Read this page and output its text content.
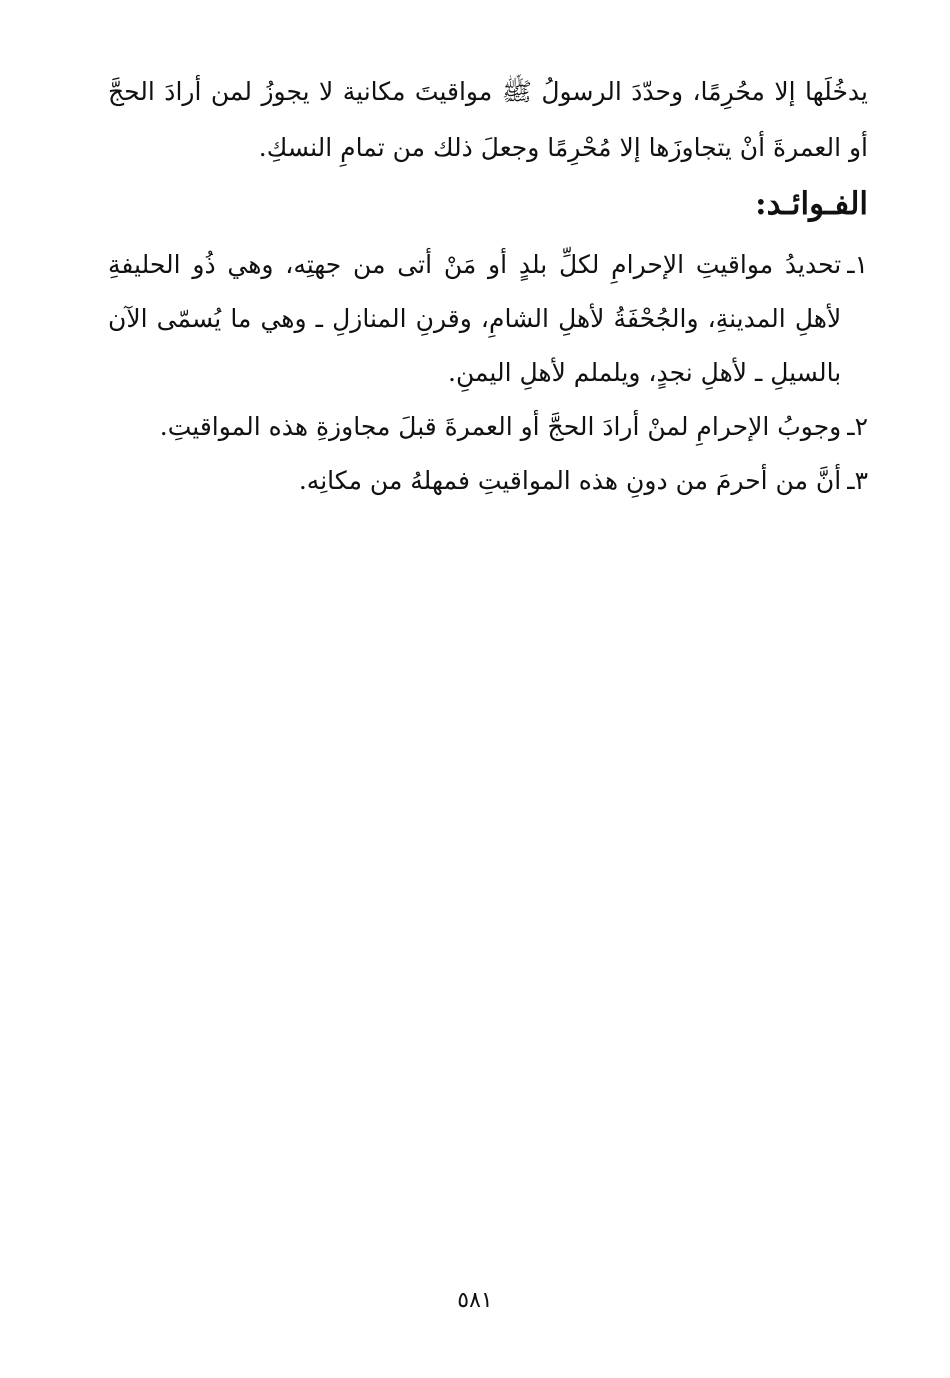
يدخُلَها إلا محُرِمًا، وحدّدَ الرسولُ ﷺ مواقيتَ مكانية لا يجوزُ لمن أرادَ الحجَّ أو العمرةَ أنْ يتجاوزَها إلا مُحْرِمًا وجعلَ ذلك من تمامِ النسكِ.

الفـوائـد:
١ـ
تحديدُ مواقيتِ الإحرامِ لكلِّ بلدٍ أو مَنْ أتى من جهتِه، وهي ذُو الحليفةِ لأهلِ المدينةِ، والجُحْفَةُ لأهلِ الشامِ، وقرنِ المنازلِ ـ وهي ما يُسمّى الآن بالسيلِ ـ لأهلِ نجدٍ، ويلملم لأهلِ اليمنِ.
٢ـ
وجوبُ الإحرامِ لمنْ أرادَ الحجَّ أو العمرةَ قبلَ مجاوزةِ هذه المواقيتِ.
٣ـ
أنَّ من أحرمَ من دونِ هذه المواقيتِ فمهلهُ من مكانِه.
٥٨١
